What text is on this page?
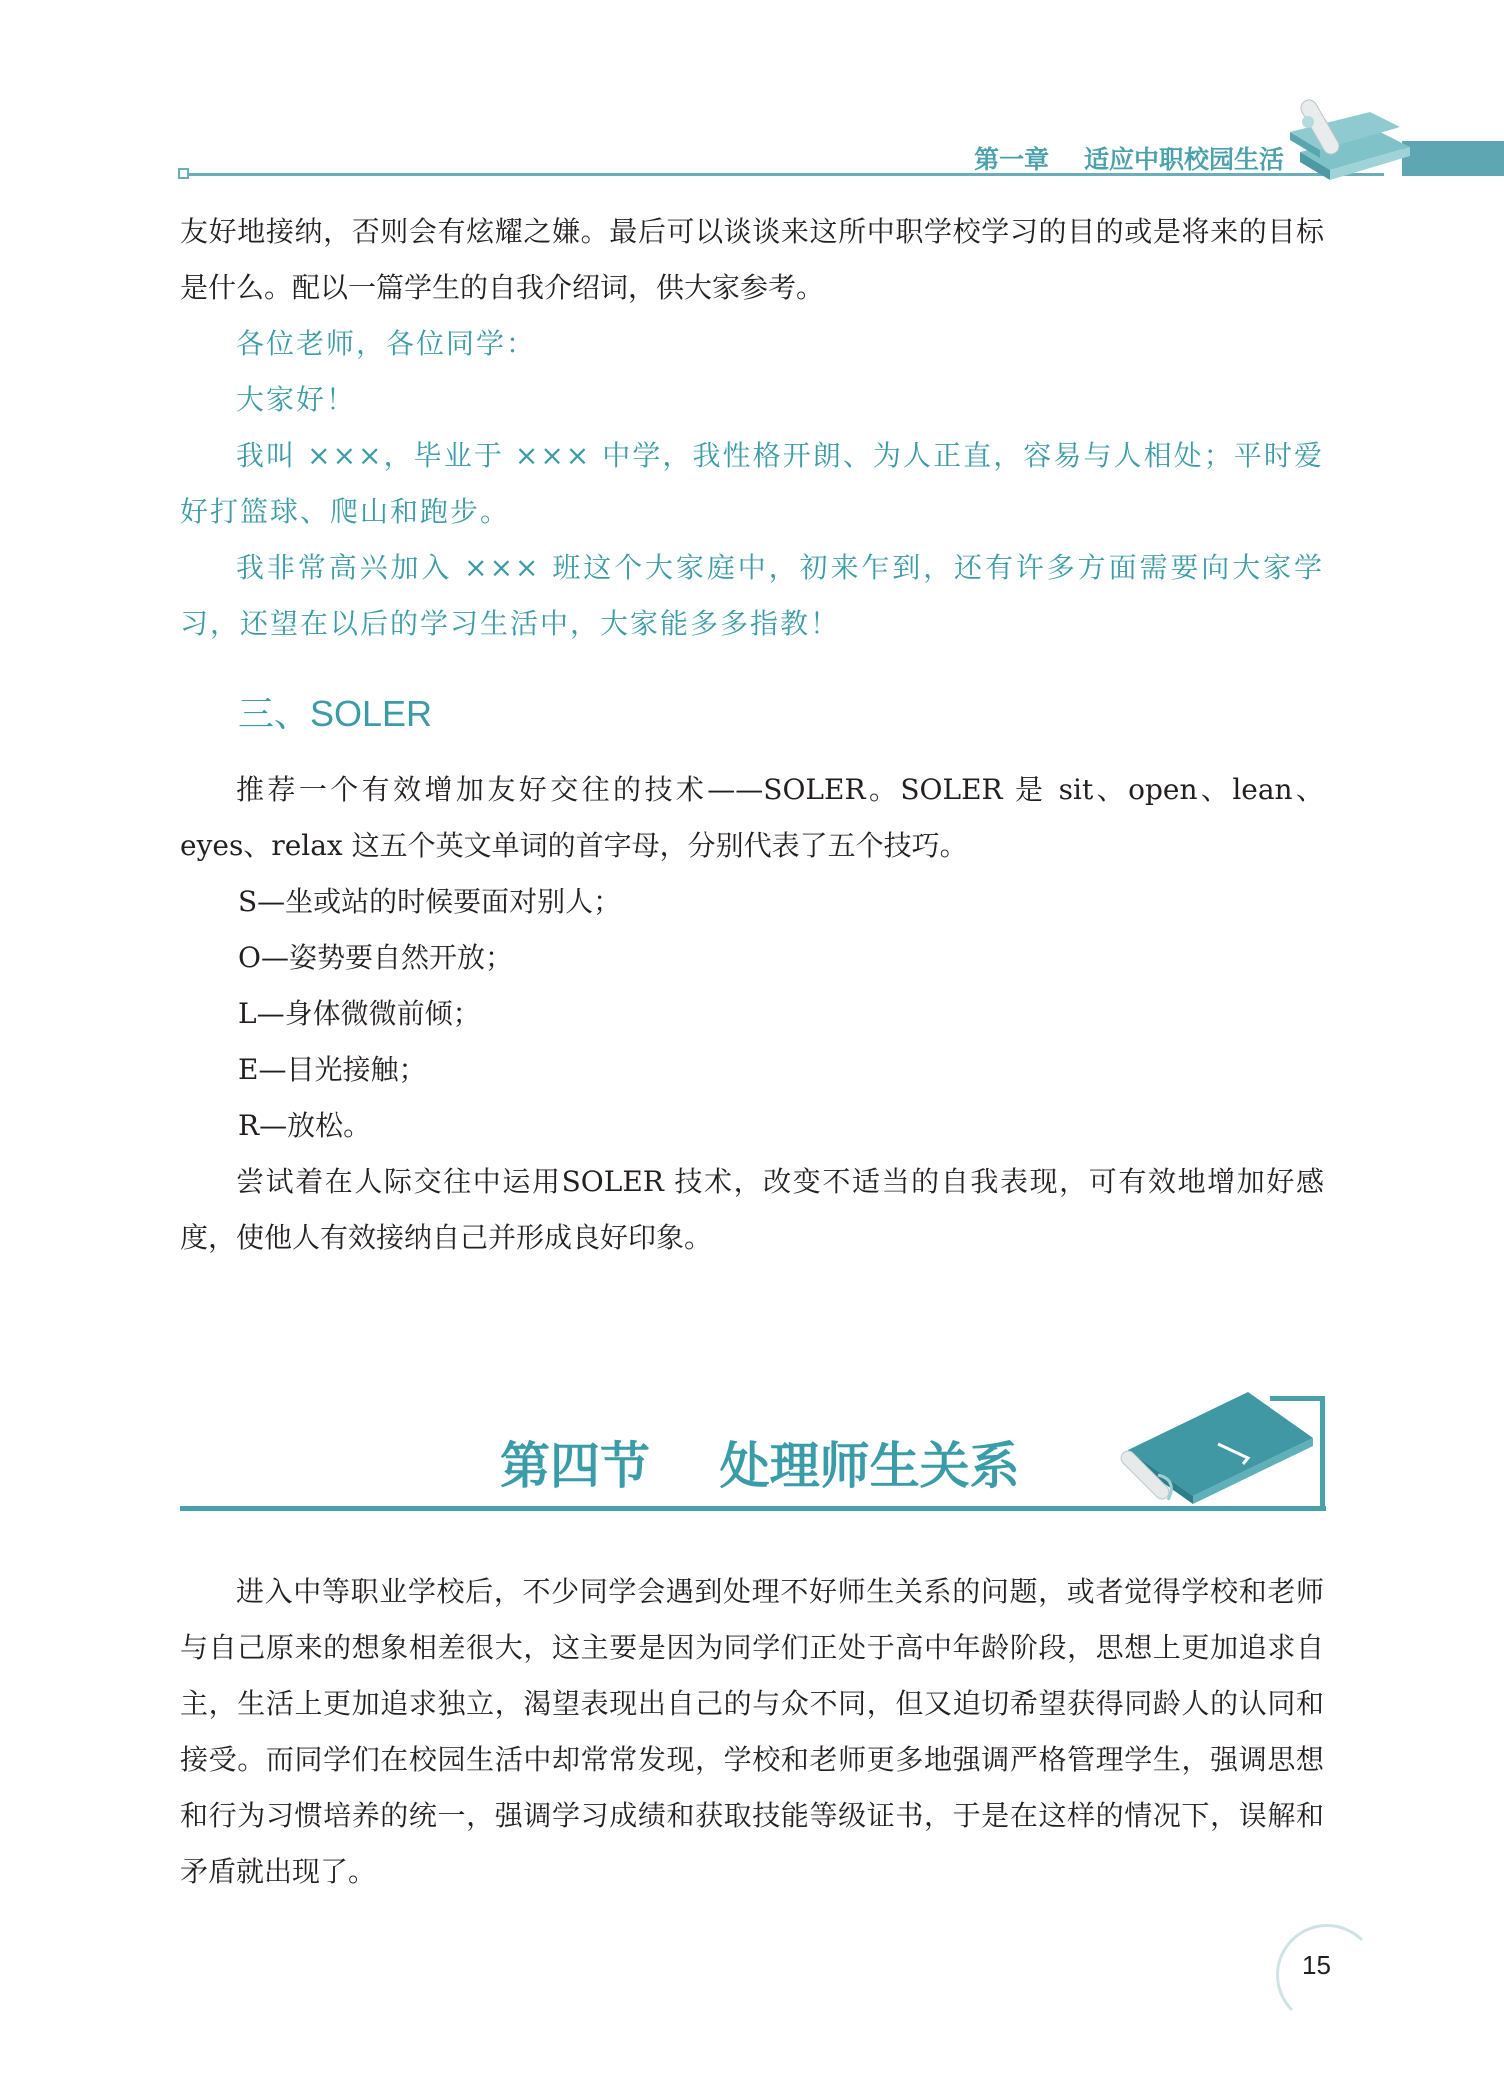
第一章    适应中职校园生活

友好地接纳，否则会有炫耀之嫌。最后可以谈谈来这所中职学校学习的目的或是将来的目标是什么。配以一篇学生的自我介绍词，供大家参考。

各位老师，各位同学：

大家好！

我叫 ×××，毕业于 ××× 中学，我性格开朗、为人正直，容易与人相处；平时爱好打篮球、爬山和跑步。

我非常高兴加入 ××× 班这个大家庭中，初来乍到，还有许多方面需要向大家学习，还望在以后的学习生活中，大家能多多指教！

三、SOLER

推荐一个有效增加友好交往的技术——SOLER。SOLER 是 sit、open、lean、eyes、relax 这五个英文单词的首字母，分别代表了五个技巧。

S—坐或站的时候要面对别人；
O—姿势要自然开放；
L—身体微微前倾；
E—目光接触；
R—放松。

尝试着在人际交往中运用SOLER 技术，改变不适当的自我表现，可有效地增加好感度，使他人有效接纳自己并形成良好印象。

第四节    处理师生关系

进入中等职业学校后，不少同学会遇到处理不好师生关系的问题，或者觉得学校和老师与自己原来的想象相差很大，这主要是因为同学们正处于高中年龄阶段，思想上更加追求自主，生活上更加追求独立，渴望表现出自己的与众不同，但又迫切希望获得同龄人的认同和接受。而同学们在校园生活中却常常发现，学校和老师更多地强调严格管理学生，强调思想和行为习惯培养的统一，强调学习成绩和获取技能等级证书，于是在这样的情况下，误解和矛盾就出现了。

15
